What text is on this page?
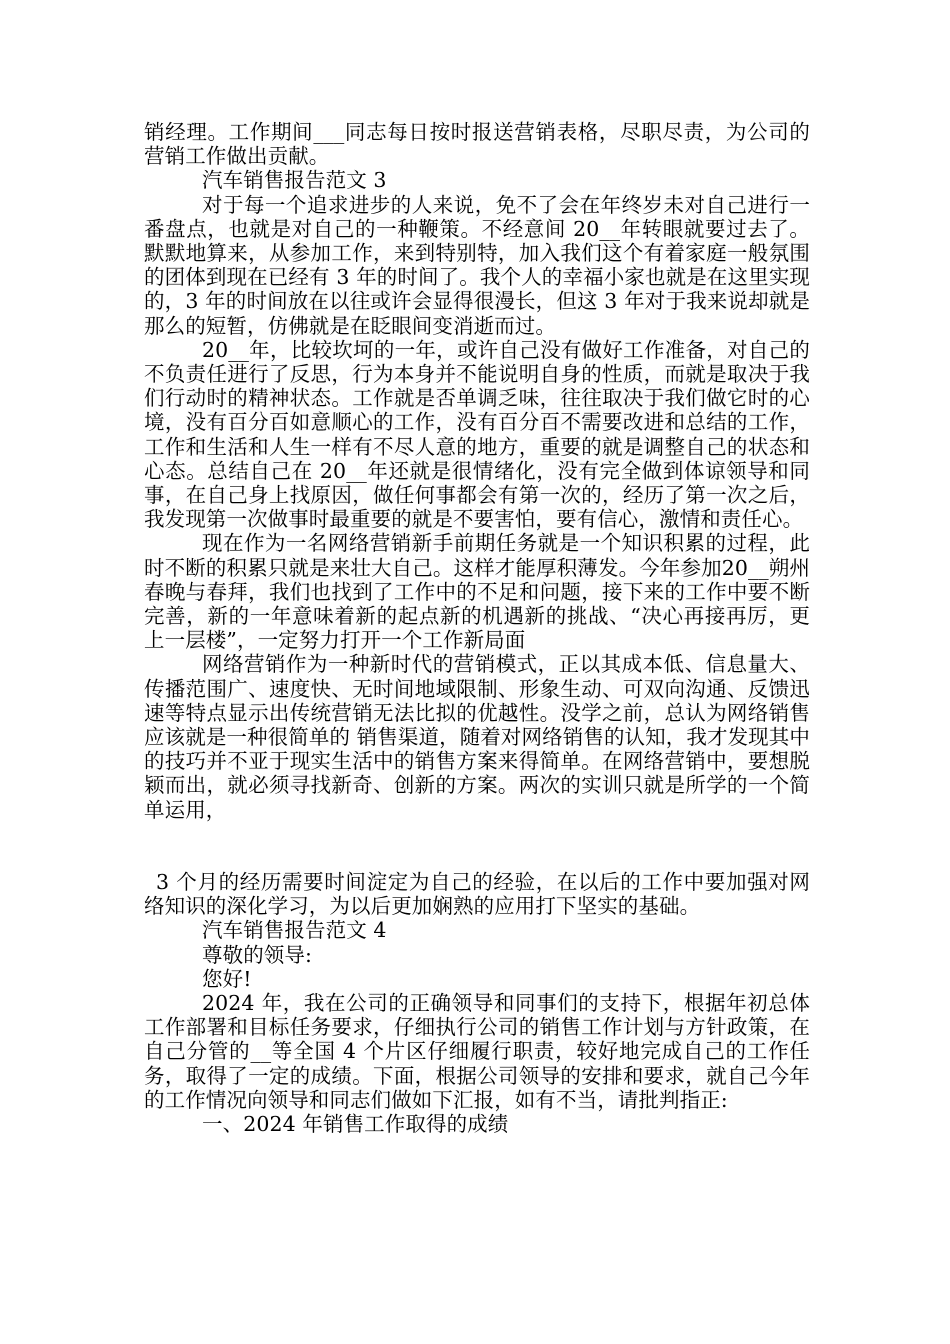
销经理。工作期间___同志每日按时报送营销表格，尽职尽责，为公司的营销工作做出贡献。

汽车销售报告范文 3

对于每一个追求进步的人来说，免不了会在年终岁未对自己进行一番盘点，也就是对自己的一种鞭策。不经意间 20__年转眼就要过去了。默默地算来，从参加工作，来到特别特，加入我们这个有着家庭一般氛围的团体到现在已经有 3 年的时间了。我个人的幸福小家也就是在这里实现的，3 年的时间放在以往或许会显得很漫长，但这 3 年对于我来说却就是那么的短暂，仿佛就是在眨眼间变消逝而过。

20__年，比较坎坷的一年，或许自己没有做好工作准备，对自己的不负责任进行了反思，行为本身并不能说明自身的性质，而就是取决于我们行动时的精神状态。工作就是否单调乏味，往往取决于我们做它时的心境，没有百分百如意顺心的工作，没有百分百不需要改进和总结的工作，工作和生活和人生一样有不尽人意的地方，重要的就是调整自己的状态和心态。总结自己在 20__年还就是很情绪化，没有完全做到体谅领导和同事，在自己身上找原因，做任何事都会有第一次的，经历了第一次之后，我发现第一次做事时最重要的就是不要害怕，要有信心，激情和责任心。

现在作为一名网络营销新手前期任务就是一个知识积累的过程，此时不断的积累只就是来壮大自己。这样才能厚积薄发。今年参加20__朔州春晚与春拜，我们也找到了工作中的不足和问题，接下来的工作中要不断完善，新的一年意味着新的起点新的机遇新的挑战、“决心再接再厉，更上一层楼”，一定努力打开一个工作新局面

网络营销作为一种新时代的营销模式，正以其成本低、信息量大、传播范围广、速度快、无时间地域限制、形象生动、可双向沟通、反馈迅速等特点显示出传统营销无法比拟的优越性。没学之前，总认为网络销售应该就是一种很简单的 销售渠道，随着对网络销售的认知，我才发现其中的技巧并不亚于现实生活中的销售方案来得简单。在网络营销中，要想脱颖而出，就必须寻找新奇、创新的方案。两次的实训只就是所学的一个简单运用，

3 个月的经历需要时间淀定为自己的经验，在以后的工作中要加强对网络知识的深化学习，为以后更加娴熟的应用打下坚实的基础。

汽车销售报告范文 4

尊敬的领导:

您好!

2024 年，我在公司的正确领导和同事们的支持下，根据年初总体工作部署和目标任务要求，仔细执行公司的销售工作计划与方针政策，在自己分管的__等全国 4 个片区仔细履行职责，较好地完成自己的工作任务，取得了一定的成绩。下面，根据公司领导的安排和要求，就自己今年的工作情况向领导和同志们做如下汇报，如有不当，请批判指正:

一、2024 年销售工作取得的成绩
